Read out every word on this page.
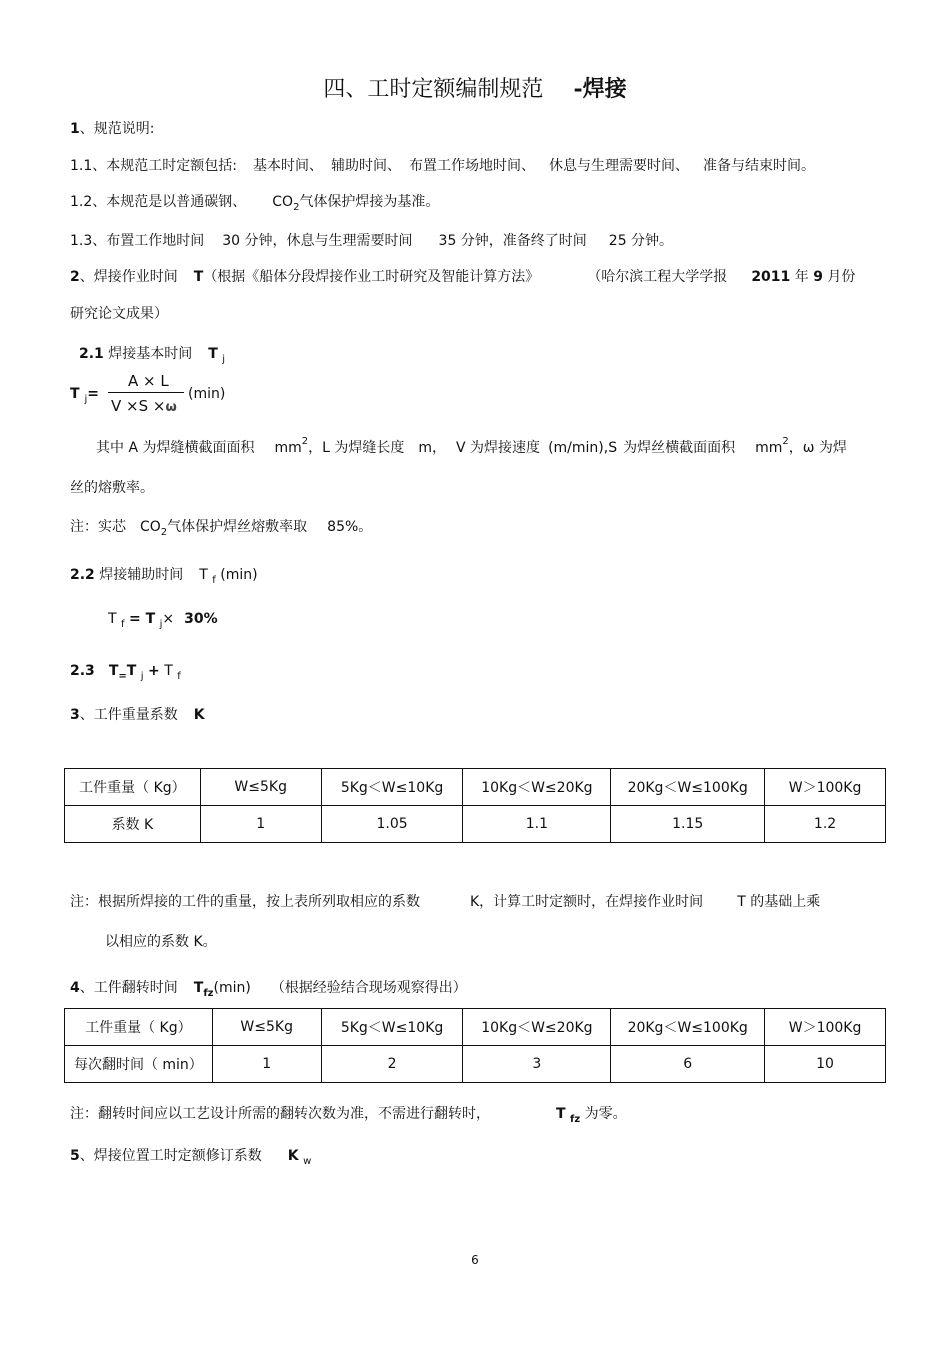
四、工时定额编制规范 -焊接
1、规范说明:
1.1、本规范工时定额包括: 基本时间、 辅助时间、 布置工作场地时间、 休息与生理需要时间、 准备与结束时间。
1.2、本规范是以普通碳钢、 $CO_2$气体保护焊接为基准。
1.3、布置工作地时间 30 分钟，休息与生理需要时间 35 分钟，准备终了时间 25 分钟。
2、焊接作业时间 T（根据《船体分段焊接作业工时研究及智能计算方法》	（哈尔滨工程大学学报 2011 年 9 月份
研究论文成果）
2.1 焊接基本时间 T $_j$
T $_j$=
A × L
V ×S ×ω
(min)
其中 A 为焊缝横截面面积 $mm^2$，L 为焊缝长度 m， V 为焊接速度 (m/min),S 为焊丝横截面面积 $mm^2$，ω 为焊
丝的熔敷率。
注：实芯 $CO_2$气体保护焊丝熔敷率取 85%。
2.2 焊接辅助时间 T $_f$ (min)
T $_f$ = T $_j$× 30%
2.3 $T_=T$ $_j$ + T $_f$
3、工件重量系数 K
工件重量（ Kg）	W≤5Kg	5Kg＜W≤10Kg	10Kg＜W≤20Kg	20Kg＜W≤100Kg	W＞100Kg
系数 K	1	1.05	1.1	1.15	1.2
注：根据所焊接的工件的重量，按上表所列取相应的系数	K，计算工时定额时，在焊接作业时间 T 的基础上乘
以相应的系数 K。
4、工件翻转时间 $T_{fz}(\min)$ （根据经验结合现场观察得出）
工件重量（ Kg）	W≤5Kg	5Kg＜W≤10Kg	10Kg＜W≤20Kg	20Kg＜W≤100Kg	W＞100Kg
每次翻时间（ min）	1	2	3	6	10
注：翻转时间应以工艺设计所需的翻转次数为准，不需进行翻转时，	T $_{fz}$ 为零。
5、焊接位置工时定额修订系数 K $_w$
6
